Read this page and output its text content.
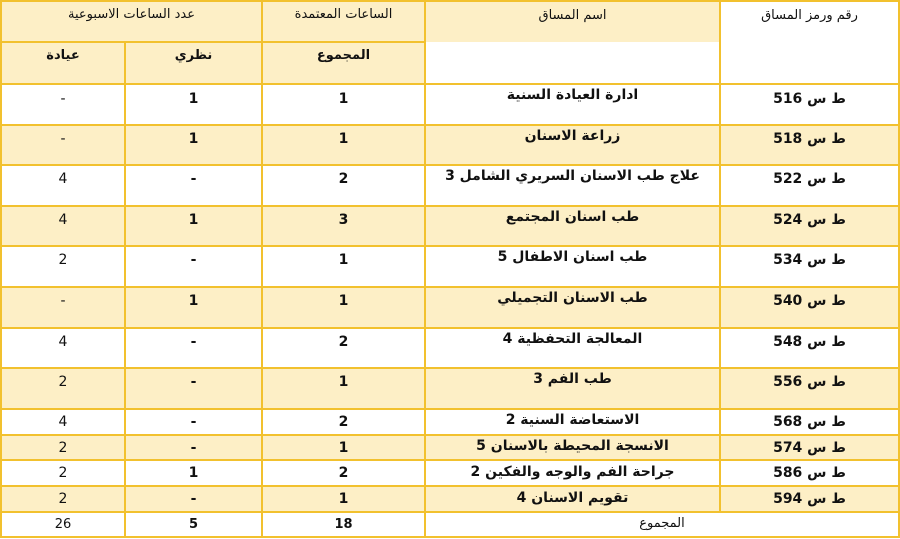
عدد الساعات الاسبوعية	الساعات المعتمدة	اسم المساق	رقم ورمز المساق
عيادة	نظري	المجموع
-	1	1	ادارة العيادة السنية	ط س 516
-	1	1	زراعة الاسنان	ط س 518
4	-	2	علاج طب الاسنان السريري الشامل 3	ط س 522
4	1	3	طب اسنان المجتمع	ط س 524
2	-	1	طب اسنان الاطفال 5	ط س 534
-	1	1	طب الاسنان التجميلي	ط س 540
4	-	2	المعالجة التحفظية 4	ط س 548
2	-	1	طب الفم 3	ط س 556
4	-	2	الاستعاضة السنية 2	ط س 568
2	-	1	الانسجة المحيطة بالاسنان 5	ط س 574
2	1	2	جراحة الفم والوجه والفكين 2	ط س 586
2	-	1	تقويم الاسنان 4	ط س 594
26	5	18	المجموع
